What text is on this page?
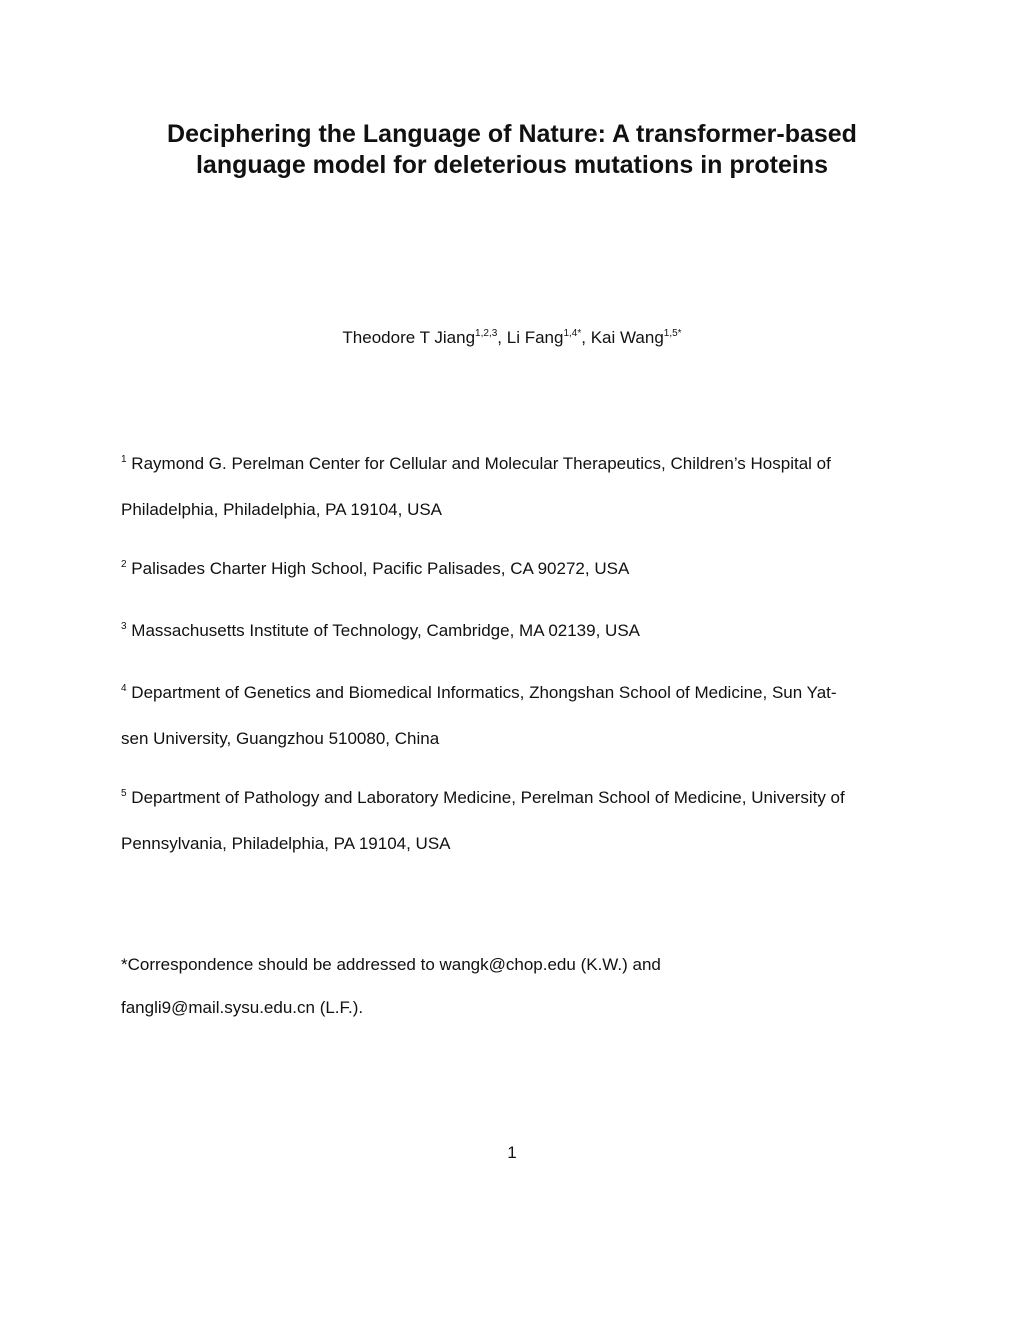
Deciphering the Language of Nature: A transformer-based
language model for deleterious mutations in proteins
Theodore T Jiang$^{1,2,3}$, Li Fang$^{1,4*}$, Kai Wang$^{1,5*}$
$^1$ Raymond G. Perelman Center for Cellular and Molecular Therapeutics, Children’s Hospital of
Philadelphia, Philadelphia, PA 19104, USA
$^2$ Palisades Charter High School, Pacific Palisades, CA 90272, USA
$^3$ Massachusetts Institute of Technology, Cambridge, MA 02139, USA
$^4$ Department of Genetics and Biomedical Informatics, Zhongshan School of Medicine, Sun Yat-
sen University, Guangzhou 510080, China
$^5$ Department of Pathology and Laboratory Medicine, Perelman School of Medicine, University of
Pennsylvania, Philadelphia, PA 19104, USA
*Correspondence should be addressed to wangk@chop.edu (K.W.) and
fangli9@mail.sysu.edu.cn (L.F.).
1
